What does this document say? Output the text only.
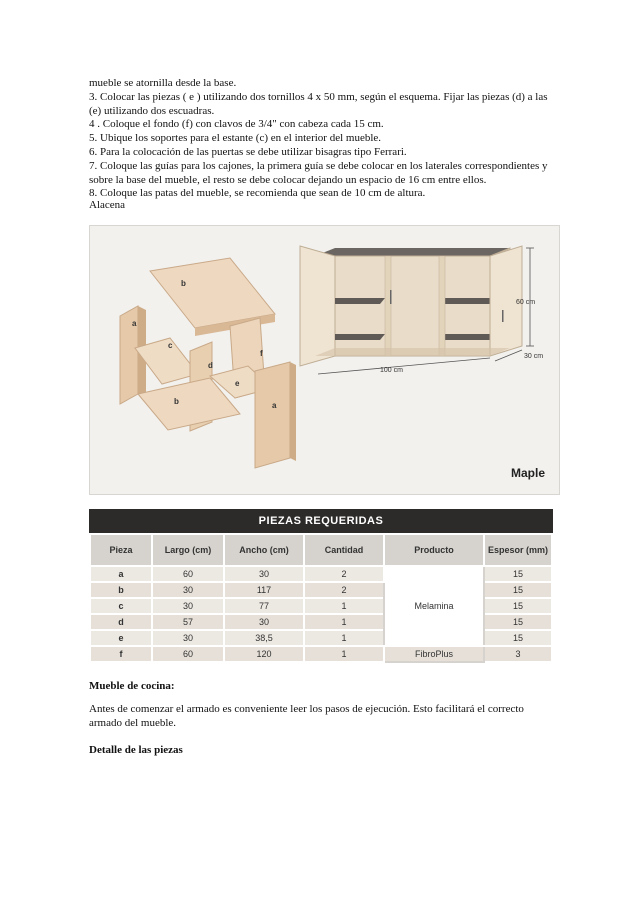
mueble se atornilla desde la base.
3. Colocar las piezas ( e ) utilizando dos tornillos 4 x 50 mm, según el esquema. Fijar las piezas (d) a las
(e) utilizando dos escuadras.
4 . Coloque el fondo (f) con clavos de 3/4" con cabeza cada 15 cm.
5. Ubique los soportes para el estante (c) en el interior del mueble.
6. Para la colocación de las puertas se debe utilizar bisagras tipo Ferrari.
7. Coloque las guías para los cajones, la primera guía se debe colocar en los laterales correspondientes y
sobre la base del mueble, el resto se debe colocar dejando un espacio de 16 cm entre ellos.
8. Coloque las patas del mueble, se recomienda que sean de 10 cm de altura.
Alacena
b
a
c
d
f
e
b	a
60 cm
30 cm
100 cm
Maple
PIEZAS REQUERIDAS
Pieza	Largo (cm)	Ancho (cm)	Cantidad	Producto	Espesor (mm)
a	60	30	2	Melamina	15
b	30	117	2		15
c	30	77	1		15
d	57	30	1		15
e	30	38,5	1		15
f	60	120	1	FibroPlus	3
Mueble de cocina:
Antes de comenzar el armado es conveniente leer los pasos de ejecución. Esto facilitará el correcto
armado del mueble.
Detalle de las piezas
